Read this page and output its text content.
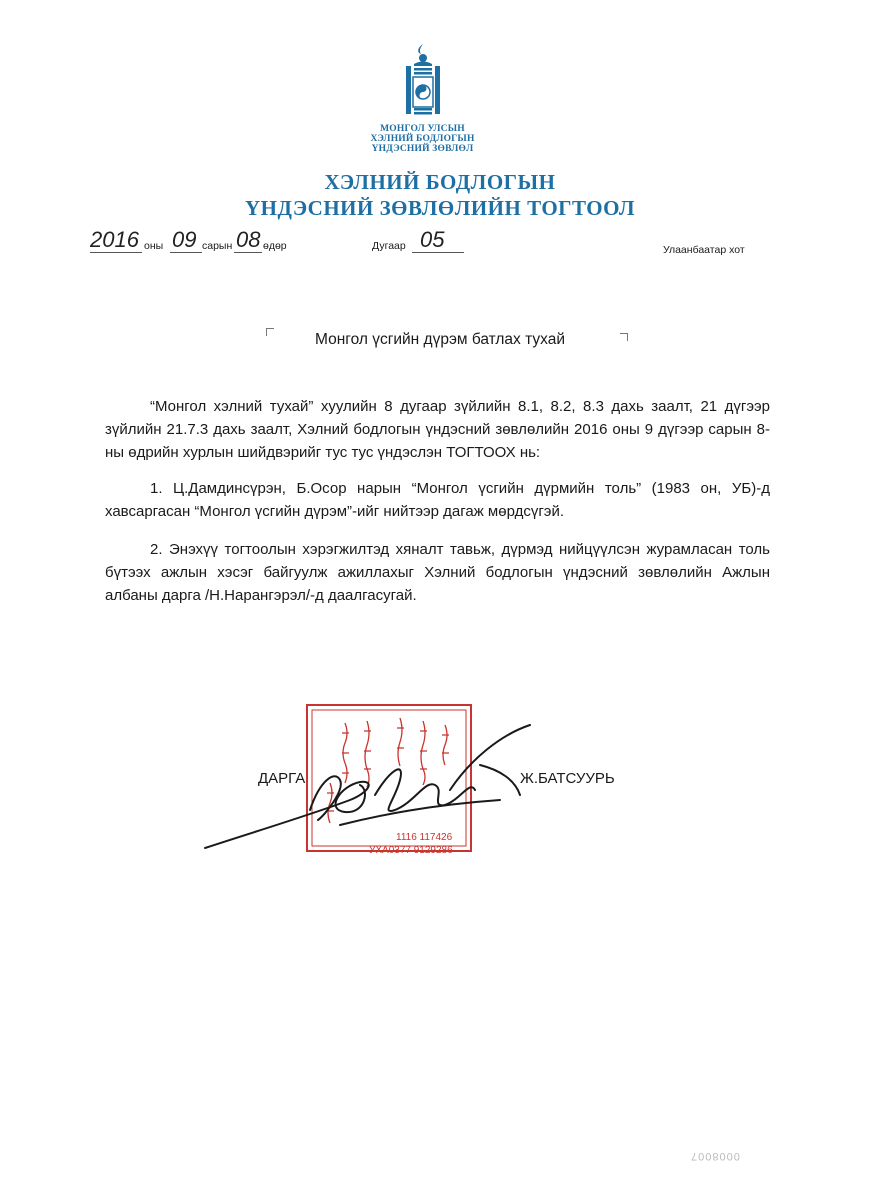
МОНГОЛ УЛСЫН
ХЭЛНИЙ БОДЛОГЫН
ҮНДЭСНИЙ ЗӨВЛӨЛ
ХЭЛНИЙ БОДЛОГЫН
ҮНДЭСНИЙ ЗӨВЛӨЛИЙН ТОГТООЛ
2016 оны 09 сарын 08 өдөр	Дугаар 05	Улаанбаатар хот
Монгол үсгийн дүрэм батлах тухай
“Монгол хэлний тухай” хуулийн 8 дугаар зүйлийн 8.1, 8.2, 8.3 дахь заалт, 21 дүгээр зүйлийн 21.7.3 дахь заалт, Хэлний бодлогын үндэсний зөвлөлийн 2016 оны 9 дүгээр сарын 8-ны өдрийн хурлын шийдвэрийг тус тус үндэслэн ТОГТООХ нь:
1. Ц.Дамдинсүрэн, Б.Осор нарын “Монгол үсгийн дүрмийн толь” (1983 он, УБ)-д хавсаргасан “Монгол үсгийн дүрэм”-ийг нийтээр дагаж мөрдсүгэй.
2. Энэхүү тогтоолын хэрэгжилтэд хяналт тавьж, дүрмэд нийцүүлсэн журамласан толь бүтээх ажлын хэсэг байгуулж ажиллахыг Хэлний бодлогын үндэсний зөвлөлийн Ажлын албаны дарга /Н.Нарангэрэл/-д даалгасугай.
1116 117426
УХА0377 9129286
ДАРГА	Ж.БАТСУУРЬ
0008007
